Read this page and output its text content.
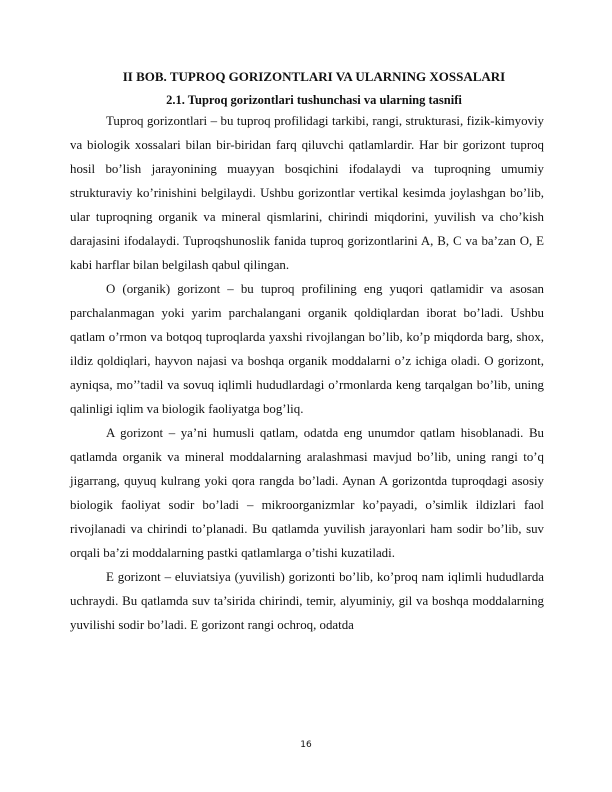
II BOB. TUPROQ GORIZONTLARI VA ULARNING XOSSALARI
2.1. Tuproq gorizontlari tushunchasi va ularning tasnifi

Tuproq gorizontlari – bu tuproq profilidagi tarkibi, rangi, strukturasi, fizik-kimyoviy va biologik xossalari bilan bir-biridan farq qiluvchi qatlamlardir. Har bir gorizont tuproq hosil bo’lish jarayonining muayyan bosqichini ifodalaydi va tuproqning umumiy strukturaviy ko’rinishini belgilaydi. Ushbu gorizontlar vertikal kesimda joylashgan bo’lib, ular tuproqning organik va mineral qismlarini, chirindi miqdorini, yuvilish va cho’kish darajasini ifodalaydi. Tuproqshunoslik fanida tuproq gorizontlarini A, B, C va ba’zan O, E kabi harflar bilan belgilash qabul qilingan.

O (organik) gorizont – bu tuproq profilining eng yuqori qatlamidir va asosan parchalanmagan yoki yarim parchalangani organik qoldiqlardan iborat bo’ladi. Ushbu qatlam o’rmon va botqoq tuproqlarda yaxshi rivojlangan bo’lib, ko’p miqdorda barg, shox, ildiz qoldiqlari, hayvon najasi va boshqa organik moddalarni o’z ichiga oladi. O gorizont, ayniqsa, mo’’tadil va sovuq iqlimli hududlardagi o’rmonlarda keng tarqalgan bo’lib, uning qalinligi iqlim va biologik faoliyatga bog’liq.

A gorizont – ya’ni humusli qatlam, odatda eng unumdor qatlam hisoblanadi. Bu qatlamda organik va mineral moddalarning aralashmasi mavjud bo’lib, uning rangi to’q jigarrang, quyuq kulrang yoki qora rangda bo’ladi. Aynan A gorizontda tuproqdagi asosiy biologik faoliyat sodir bo’ladi – mikroorganizmlar ko’payadi, o’simlik ildizlari faol rivojlanadi va chirindi to’planadi. Bu qatlamda yuvilish jarayonlari ham sodir bo’lib, suv orqali ba’zi moddalarning pastki qatlamlarga o’tishi kuzatiladi.

E gorizont – eluviatsiya (yuvilish) gorizonti bo’lib, ko’proq nam iqlimli hududlarda uchraydi. Bu qatlamda suv ta’sirida chirindi, temir, alyuminiy, gil va boshqa moddalarning yuvilishi sodir bo’ladi. E gorizont rangi ochroq, odatda

16
